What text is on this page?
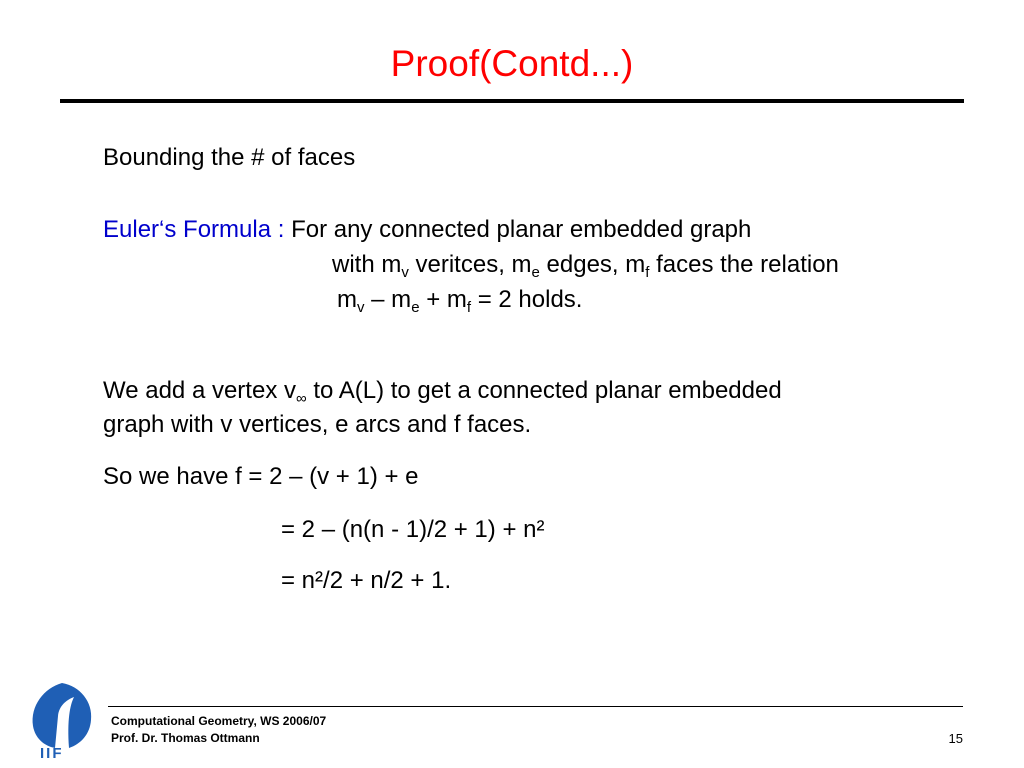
Proof(Contd...)
Bounding the # of faces
Euler‘s Formula : For any connected planar embedded graph
with $m_v$ veritces, $m_e$ edges, $m_f$ faces the relation
$m_v - m_e + m_f = 2$ holds.
We add a vertex $v_\infty$ to A(L) to get a connected planar embedded
graph with v vertices, e arcs and f faces.
So we have f = 2 – (v + 1) + e
= 2 – (n(n - 1)/2 + 1) + n²
= n²/2 + n/2 + 1.
IIF
Computational Geometry, WS 2006/07
Prof. Dr. Thomas Ottmann	15
